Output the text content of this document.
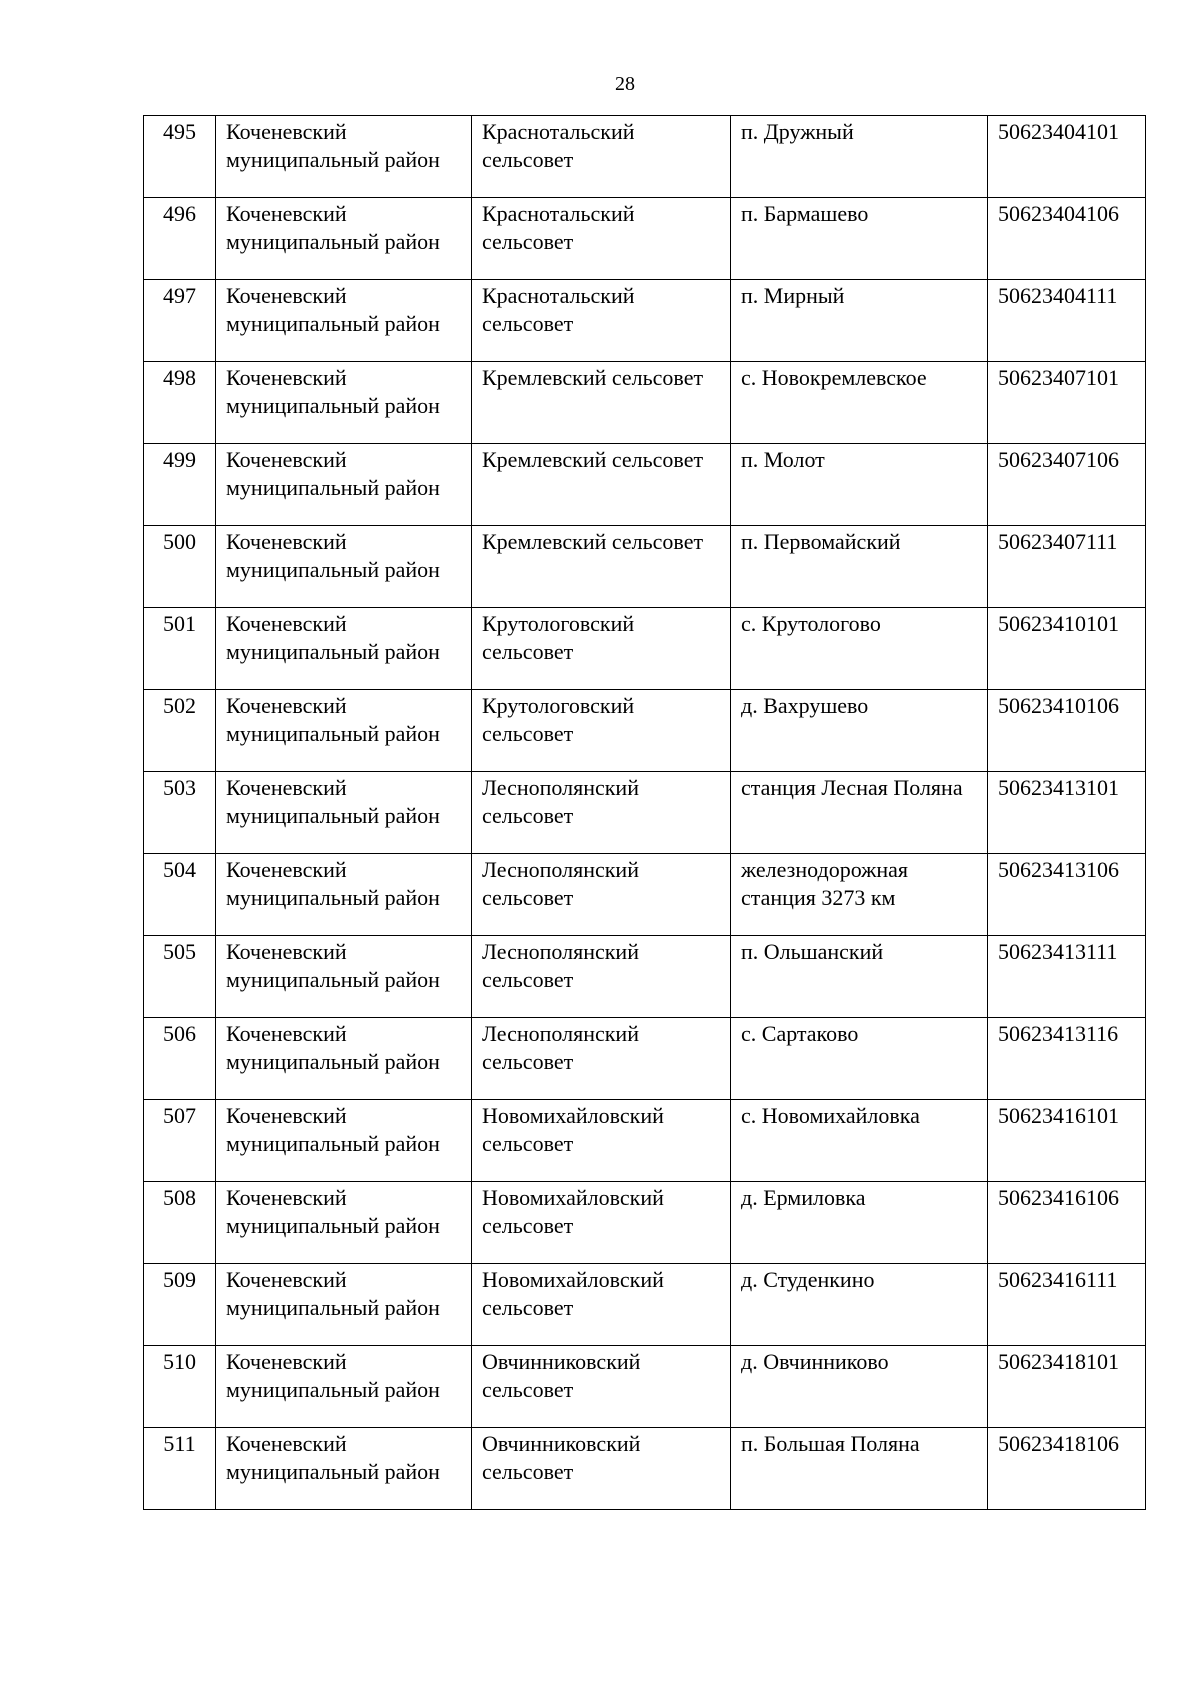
28
495	Коченевский муниципальный район	Краснотальский сельсовет	п. Дружный	50623404101
496	Коченевский муниципальный район	Краснотальский сельсовет	п. Бармашево	50623404106
497	Коченевский муниципальный район	Краснотальский сельсовет	п. Мирный	50623404111
498	Коченевский муниципальный район	Кремлевский сельсовет	с. Новокремлевское	50623407101
499	Коченевский муниципальный район	Кремлевский сельсовет	п. Молот	50623407106
500	Коченевский муниципальный район	Кремлевский сельсовет	п. Первомайский	50623407111
501	Коченевский муниципальный район	Крутологовский сельсовет	с. Крутологово	50623410101
502	Коченевский муниципальный район	Крутологовский сельсовет	д. Вахрушево	50623410106
503	Коченевский муниципальный район	Леснополянский сельсовет	станция Лесная Поляна	50623413101
504	Коченевский муниципальный район	Леснополянский сельсовет	железнодорожная станция 3273 км	50623413106
505	Коченевский муниципальный район	Леснополянский сельсовет	п. Ольшанский	50623413111
506	Коченевский муниципальный район	Леснополянский сельсовет	с. Сартаково	50623413116
507	Коченевский муниципальный район	Новомихайловский сельсовет	с. Новомихайловка	50623416101
508	Коченевский муниципальный район	Новомихайловский сельсовет	д. Ермиловка	50623416106
509	Коченевский муниципальный район	Новомихайловский сельсовет	д. Студенкино	50623416111
510	Коченевский муниципальный район	Овчинниковский сельсовет	д. Овчинниково	50623418101
511	Коченевский муниципальный район	Овчинниковский сельсовет	п. Большая Поляна	50623418106
